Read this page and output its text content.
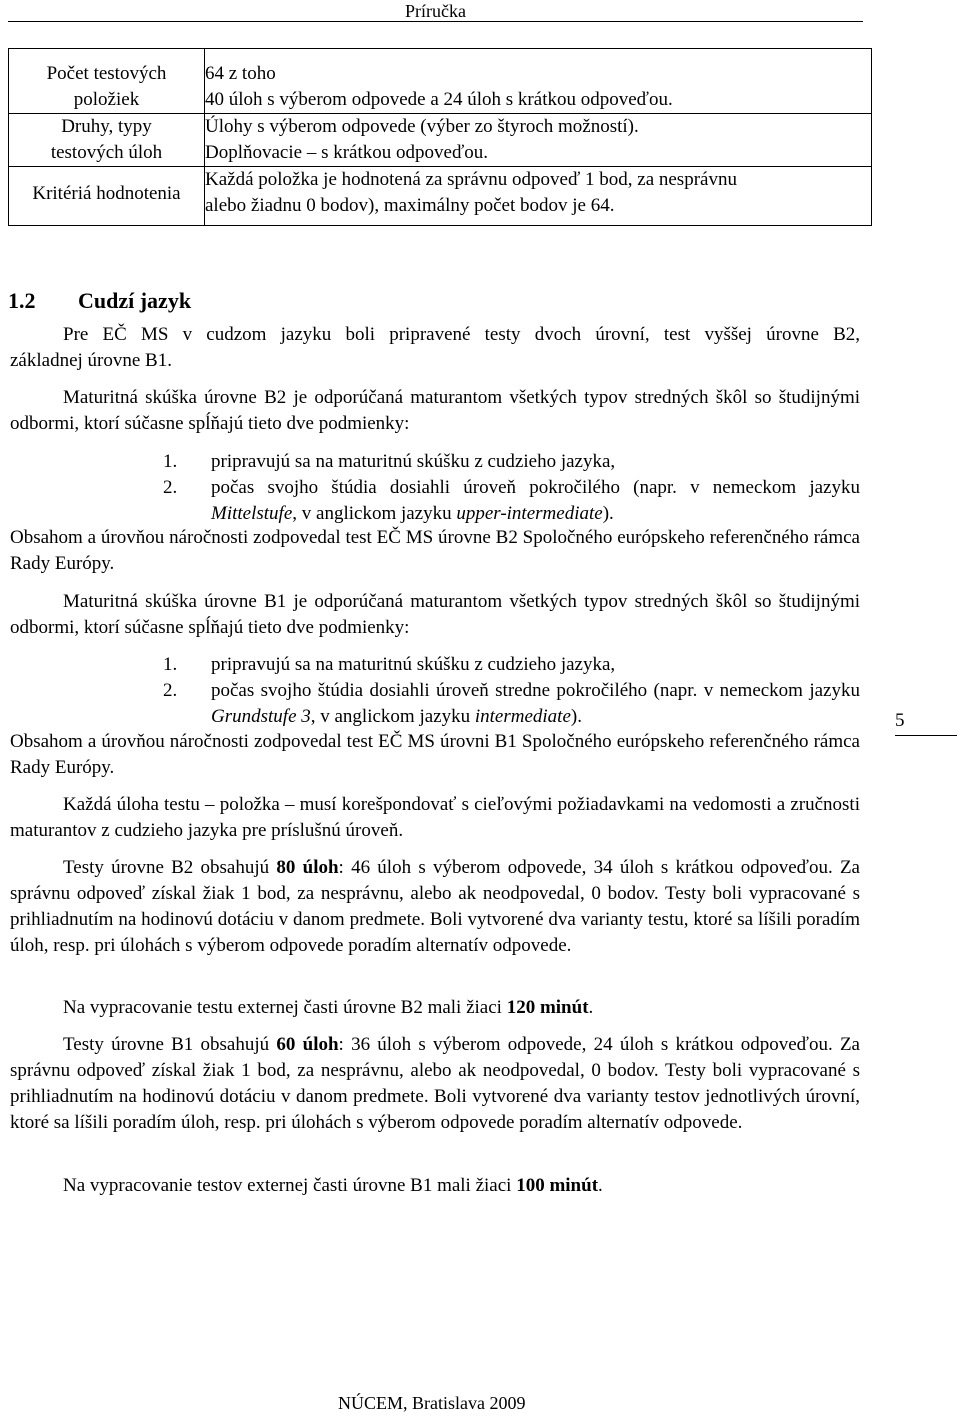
Príručka
Počet testových
položiek	64 z toho
40 úloh s výberom odpovede a 24 úloh s krátkou odpoveďou.

Druhy, typy
testových úloh	Úlohy s výberom odpovede (výber zo štyroch možností).
Doplňovacie – s krátkou odpoveďou.

Kritériá hodnotenia	Každá položka je hodnotená za správnu odpoveď 1 bod, za nesprávnu
alebo žiadnu 0 bodov), maximálny počet bodov je 64.
1.2 Cudzí jazyk

Pre EČ MS v cudzom jazyku boli pripravené testy dvoch úrovní, test vyššej úrovne B2,

základnej úrovne B1.

Maturitná skúška úrovne B2 je odporúčaná maturantom všetkých typov stredných škôl so študijnými odbormi, ktorí súčasne spĺňajú tieto dve podmienky:

1.	pripravujú sa na maturitnú skúšku z cudzieho jazyka,
2.	počas svojho štúdia dosiahli úroveň pokročilého (napr. v nemeckom jazyku Mittelstufe, v anglickom jazyku upper-intermediate).

Obsahom a úrovňou náročnosti zodpovedal test EČ MS úrovne B2 Spoločného európskeho referenčného rámca Rady Európy.

Maturitná skúška úrovne B1 je odporúčaná maturantom všetkých typov stredných škôl so študijnými odbormi, ktorí súčasne spĺňajú tieto dve podmienky:

1.	pripravujú sa na maturitnú skúšku z cudzieho jazyka,
2.	počas svojho štúdia dosiahli úroveň stredne pokročilého (napr. v nemeckom jazyku Grundstufe 3, v anglickom jazyku intermediate).

Obsahom a úrovňou náročnosti zodpovedal test EČ MS úrovni B1 Spoločného európskeho referenčného rámca Rady Európy.

Každá úloha testu – položka – musí korešpondovať s cieľovými požiadavkami na vedomosti a zručnosti maturantov z cudzieho jazyka pre príslušnú úroveň.

Testy úrovne B2 obsahujú 80 úloh: 46 úloh s výberom odpovede, 34 úloh s krátkou odpoveďou. Za správnu odpoveď získal žiak 1 bod, za nesprávnu, alebo ak neodpovedal, 0 bodov. Testy boli vypracované s prihliadnutím na hodinovú dotáciu v danom predmete. Boli vytvorené dva varianty testu, ktoré sa líšili poradím úloh, resp. pri úlohách s výberom odpovede poradím alternatív odpovede.

Na vypracovanie testu externej časti úrovne B2 mali žiaci 120 minút.

Testy úrovne B1 obsahujú 60 úloh: 36 úloh s výberom odpovede, 24 úloh s krátkou odpoveďou. Za správnu odpoveď získal žiak 1 bod, za nesprávnu, alebo ak neodpovedal, 0 bodov. Testy boli vypracované s prihliadnutím na hodinovú dotáciu v danom predmete. Boli vytvorené dva varianty testov jednotlivých úrovní, ktoré sa líšili poradím úloh, resp. pri úlohách s výberom odpovede poradím alternatív odpovede.

Na vypracovanie testov externej časti úrovne B1 mali žiaci 100 minút.

5
NÚCEM, Bratislava 2009
